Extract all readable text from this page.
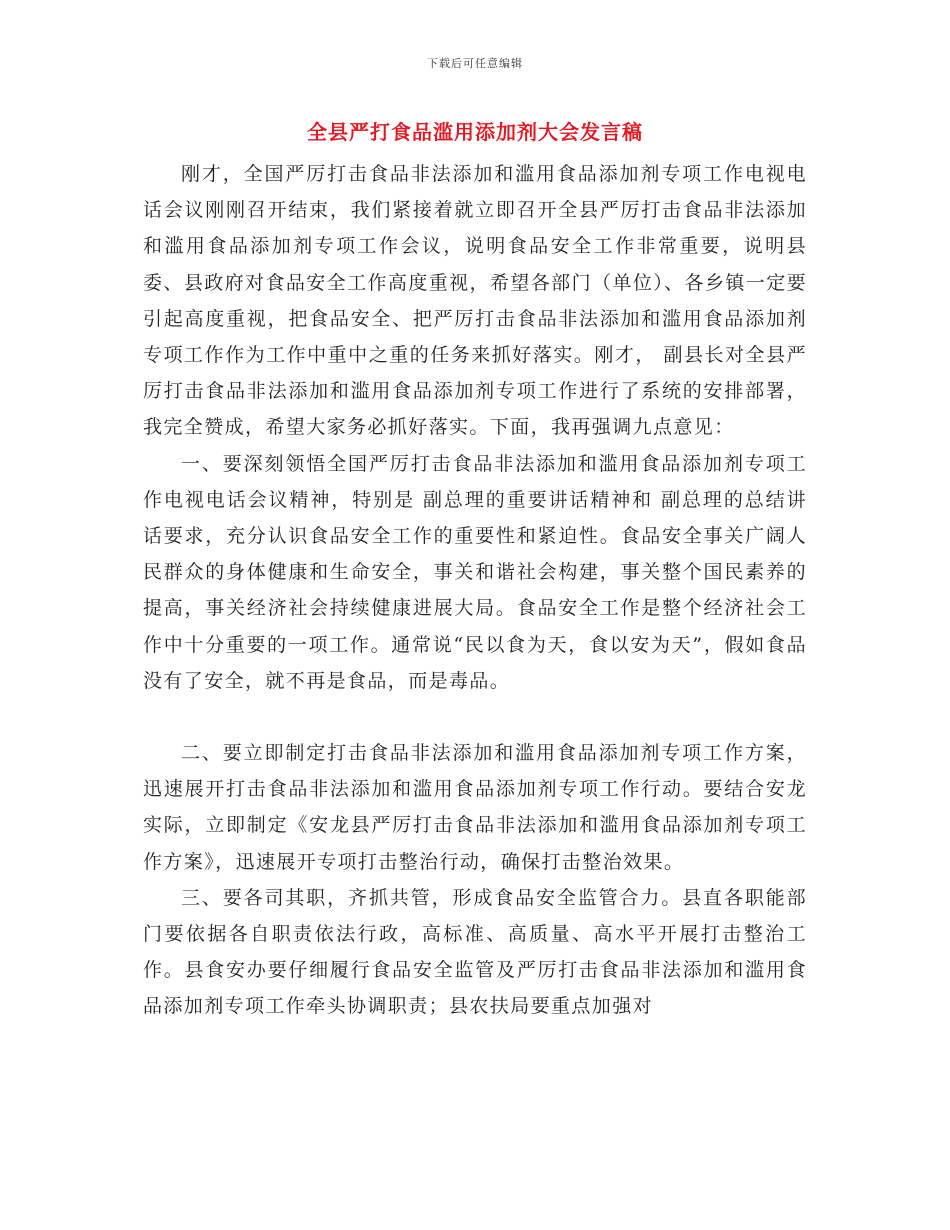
下载后可任意编辑
全县严打食品滥用添加剂大会发言稿

刚才，全国严厉打击食品非法添加和滥用食品添加剂专项工作电视电话会议刚刚召开结束，我们紧接着就立即召开全县严厉打击食品非法添加和滥用食品添加剂专项工作会议，说明食品安全工作非常重要，说明县委、县政府对食品安全工作高度重视，希望各部门（单位）、各乡镇一定要引起高度重视，把食品安全、把严厉打击食品非法添加和滥用食品添加剂专项工作作为工作中重中之重的任务来抓好落实。刚才， 副县长对全县严厉打击食品非法添加和滥用食品添加剂专项工作进行了系统的安排部署，我完全赞成，希望大家务必抓好落实。下面，我再强调九点意见：

一、要深刻领悟全国严厉打击食品非法添加和滥用食品添加剂专项工作电视电话会议精神，特别是 副总理的重要讲话精神和 副总理的总结讲话要求，充分认识食品安全工作的重要性和紧迫性。食品安全事关广阔人民群众的身体健康和生命安全，事关和谐社会构建，事关整个国民素养的提高，事关经济社会持续健康进展大局。食品安全工作是整个经济社会工作中十分重要的一项工作。通常说“民以食为天，食以安为天”，假如食品没有了安全，就不再是食品，而是毒品。

二、要立即制定打击食品非法添加和滥用食品添加剂专项工作方案，迅速展开打击食品非法添加和滥用食品添加剂专项工作行动。要结合安龙实际，立即制定《安龙县严厉打击食品非法添加和滥用食品添加剂专项工作方案》，迅速展开专项打击整治行动，确保打击整治效果。

三、要各司其职，齐抓共管，形成食品安全监管合力。县直各职能部门要依据各自职责依法行政，高标准、高质量、高水平开展打击整治工作。县食安办要仔细履行食品安全监管及严厉打击食品非法添加和滥用食品添加剂专项工作牵头协调职责；县农扶局要重点加强对
